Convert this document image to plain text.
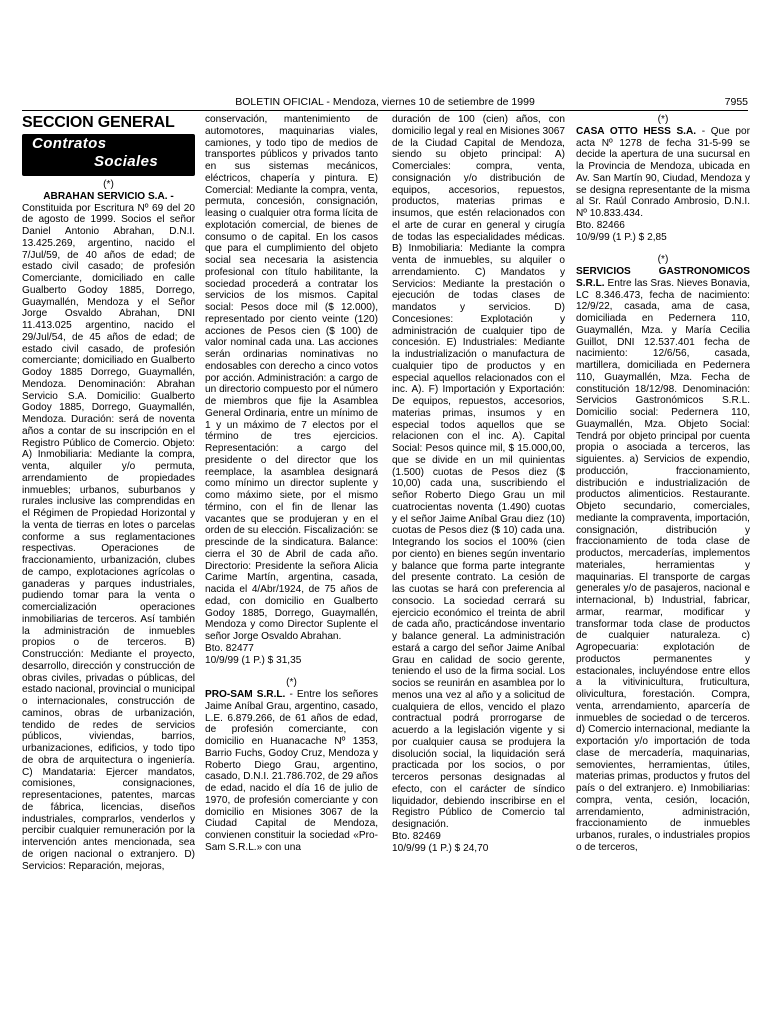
BOLETIN OFICIAL - Mendoza, viernes 10 de setiembre de 1999	7955
SECCION GENERAL
Contratos
Sociales

(*)

ABRAHAN SERVICIO S.A. -

Constituida por Escritura Nº 69 del 20 de agosto de 1999. Socios el señor Daniel Antonio Abrahan, D.N.I. 13.425.269, argentino, nacido el 7/Jul/59, de 40 años de edad; de estado civil casado; de profesión Comerciante, domiciliado en calle Gualberto Godoy 1885, Dorrego, Guaymallén, Mendoza y el Señor Jorge Osvaldo Abrahan, DNI 11.413.025 argentino, nacido el 29/Jul/54, de 45 años de edad; de estado civil casado, de profesión comerciante; domiciliado en Gualberto Godoy 1885 Dorrego, Guaymallén, Mendoza. Denominación: Abrahan Servicio S.A. Domicilio: Gualberto Godoy 1885, Dorrego, Guaymallén, Mendoza. Duración: será de noventa años a contar de su inscripción en el Registro Público de Comercio. Objeto: A) Inmobiliaria: Mediante la compra, venta, alquiler y/o permuta, arrendamiento de propiedades inmuebles; urbanos, suburbanos y rurales inclusive las comprendidas en el Régimen de Propiedad Horizontal y la venta de tierras en lotes o parcelas conforme a sus reglamentaciones respectivas. Operaciones de fraccionamiento, urbanización, clubes de campo, explotaciones agrícolas o ganaderas y parques industriales, pudiendo tomar para la venta o comercialización operaciones inmobiliarias de terceros. Así también la administración de inmuebles propios o de terceros. B) Construcción: Mediante el proyecto, desarrollo, dirección y construcción de obras civiles, privadas o públicas, del estado nacional, provincial o municipal o internacionales, construcción de caminos, obras de urbanización, tendido de redes de servicios públicos, viviendas, barrios, urbanizaciones, edificios, y todo tipo de obra de arquitectura o ingeniería. C) Mandataria: Ejercer mandatos, comisiones, consignaciones, representaciones, patentes, marcas de fábrica, licencias, diseños industriales, comprarlos, venderlos y percibir cualquier remuneración por la intervención antes mencionada, sea de origen nacional o extranjero. D) Servicios: Reparación, mejoras,

conservación, mantenimiento de automotores, maquinarias viales, camiones, y todo tipo de medios de transportes públicos y privados tanto en sus sistemas mecánicos, eléctricos, chapería y pintura. E) Comercial: Mediante la compra, venta, permuta, concesión, consignación, leasing o cualquier otra forma lícita de explotación comercial, de bienes de consumo o de capital. En los casos que para el cumplimiento del objeto social sea necesaria la asistencia profesional con título habilitante, la sociedad procederá a contratar los servicios de los mismos. Capital social: Pesos doce mil ($ 12.000), representado por ciento veinte (120) acciones de Pesos cien ($ 100) de valor nominal cada una. Las acciones serán ordinarias nominativas no endosables con derecho a cinco votos por acción. Administración: a cargo de un directorio compuesto por el número de miembros que fije la Asamblea General Ordinaria, entre un mínimo de 1 y un máximo de 7 electos por el término de tres ejercicios. Representación: a cargo del presidente o del director que los reemplace, la asamblea designará como mínimo un director suplente y como máximo siete, por el mismo término, con el fin de llenar las vacantes que se produjeran y en el orden de su elección. Fiscalización: se prescinde de la sindicatura. Balance: cierra el 30 de Abril de cada año. Directorio: Presidente la señora Alicia Carime Martín, argentina, casada, nacida el 4/Abr/1924, de 75 años de edad, con domicilio en Gualberto Godoy 1885, Dorrego, Guaymallén, Mendoza y como Director Suplente el señor Jorge Osvaldo Abrahan.

Bto. 82477

10/9/99 (1 P.) $ 31,35

(*)

PRO-SAM S.R.L. - Entre los señores Jaime Aníbal Grau, argentino, casado, L.E. 6.879.266, de 61 años de edad, de profesión comerciante, con domicilio en Huanacache Nº 1353, Barrio Fuchs, Godoy Cruz, Mendoza y Roberto Diego Grau, argentino, casado, D.N.I. 21.786.702, de 29 años de edad, nacido el día 16 de julio de 1970, de profesión comerciante y con domicilio en Misiones 3067 de la Ciudad Capital de Mendoza, convienen constituir la sociedad «Pro-Sam S.R.L.» con una

duración de 100 (cien) años, con domicilio legal y real en Misiones 3067 de la Ciudad Capital de Mendoza, siendo su objeto principal: A) Comerciales: compra, venta, consignación y/o distribución de equipos, accesorios, repuestos, productos, materias primas e insumos, que estén relacionados con el arte de curar en general y cirugía de todas las especialidades médicas. B) Inmobiliaria: Mediante la compra venta de inmuebles, su alquiler o arrendamiento. C) Mandatos y Servicios: Mediante la prestación o ejecución de todas clases de mandatos y servicios. D) Concesiones: Explotación y administración de cualquier tipo de concesión. E) Industriales: Mediante la industrialización o manufactura de cualquier tipo de productos y en especial aquellos relacionados con el inc. A). F) Importación y Exportación: De equipos, repuestos, accesorios, materias primas, insumos y en especial todos aquellos que se relacionen con el inc. A). Capital Social: Pesos quince mil, $ 15.000,00, que se divide en un mil quinientas (1.500) cuotas de Pesos diez ($ 10,00) cada una, suscribiendo el señor Roberto Diego Grau un mil cuatrocientas noventa (1.490) cuotas y el señor Jaime Aníbal Grau diez (10) cuotas de Pesos diez ($ 10) cada una. Integrando los socios el 100% (cien por ciento) en bienes según inventario y balance que forma parte integrante del presente contrato. La cesión de las cuotas se hará con preferencia al consocio. La sociedad cerrará su ejercicio económico el treinta de abril de cada año, practicándose inventario y balance general. La administración estará a cargo del señor Jaime Aníbal Grau en calidad de socio gerente, teniendo el uso de la firma social. Los socios se reunirán en asamblea por lo menos una vez al año y a solicitud de cualquiera de ellos, vencido el plazo contractual podrá prorrogarse de acuerdo a la legislación vigente y si por cualquier causa se produjera la disolución social, la liquidación será practicada por los socios, o por terceros personas designadas al efecto, con el carácter de síndico liquidador, debiendo inscribirse en el Registro Público de Comercio tal designación.

Bto. 82469

10/9/99 (1 P.) $ 24,70

(*)

CASA OTTO HESS S.A. - Que por acta Nº 1278 de fecha 31-5-99 se decide la apertura de una sucursal en la Provincia de Mendoza, ubicada en Av. San Martín 90, Ciudad, Mendoza y se designa representante de la misma al Sr. Raúl Conrado Ambrosio, D.N.I. Nº 10.833.434.

Bto. 82466

10/9/99 (1 P.) $ 2,85

(*)

SERVICIOS GASTRONOMICOS S.R.L. Entre las Sras. Nieves Bonavia, LC 8.346.473, fecha de nacimiento: 12/9/22, casada, ama de casa, domiciliada en Pedernera 110, Guaymallén, Mza. y María Cecilia Guillot, DNI 12.537.401 fecha de nacimiento: 12/6/56, casada, martillera, domiciliada en Pedernera 110, Guaymallén, Mza. Fecha de constitución 18/12/98. Denominación: Servicios Gastronómicos S.R.L. Domicilio social: Pedernera 110, Guaymallén, Mza. Objeto Social: Tendrá por objeto principal por cuenta propia o asociada a terceros, las siguientes. a) Servicios de expendio, producción, fraccionamiento, distribución e industrialización de productos alimenticios. Restaurante. Objeto secundario, comerciales, mediante la compraventa, importación, consignación, distribución y fraccionamiento de toda clase de productos, mercaderías, implementos materiales, herramientas y maquinarias. El transporte de cargas generales y/o de pasajeros, nacional e internacional, b) Industrial, fabricar, armar, rearmar, modificar y transformar toda clase de productos de cualquier naturaleza. c) Agropecuaria: explotación de productos permanentes y estacionales, incluyéndose entre ellos a la vitivinicultura, fruticultura, olivicultura, forestación. Compra, venta, arrendamiento, aparcería de inmuebles de sociedad o de terceros. d) Comercio internacional, mediante la exportación y/o importación de toda clase de mercadería, maquinarias, semovientes, herramientas, útiles, materias primas, productos y frutos del país o del extranjero. e) Inmobiliarias: compra, venta, cesión, locación, arrendamiento, administración, fraccionamiento de inmuebles urbanos, rurales, o industriales propios o de terceros,
